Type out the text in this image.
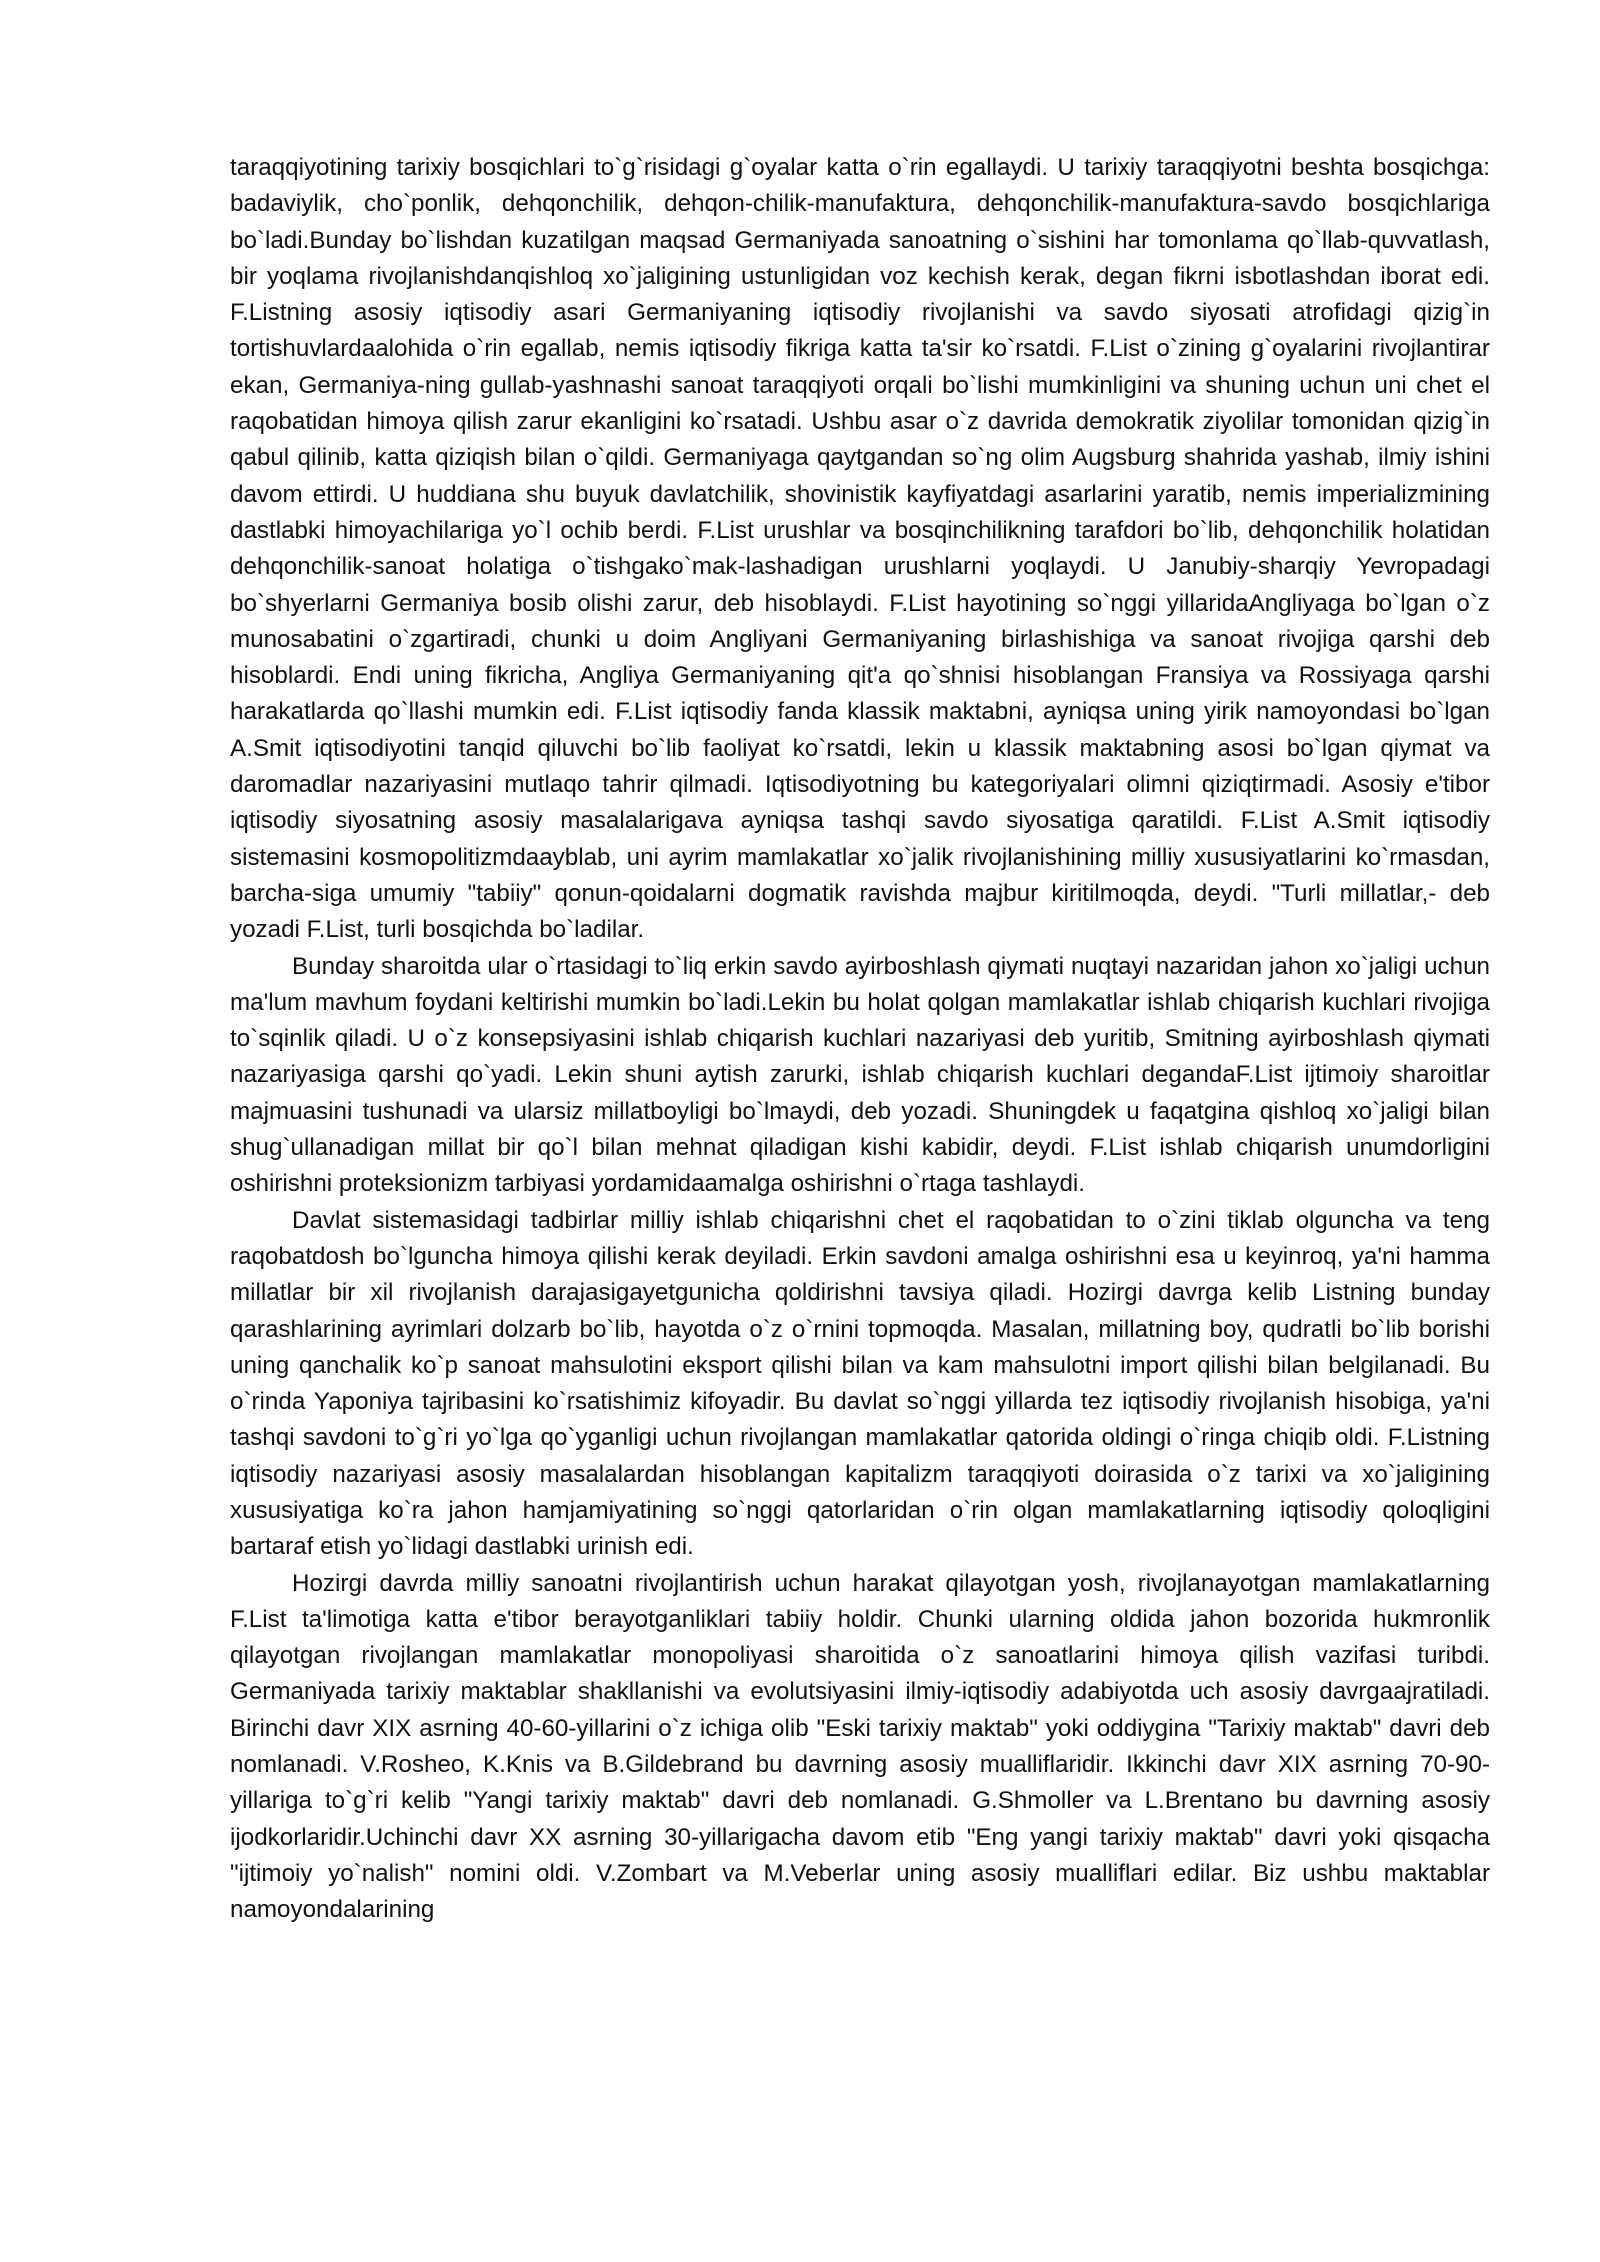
taraqqiyotining tarixiy bosqichlari to`g`risidagi g`oyalar katta o`rin egallaydi. U tarixiy taraqqiyotni beshta bosqichga: badaviylik, cho`ponlik, dehqonchilik, dehqon-chilik-manufaktura, dehqonchilik-manufaktura-savdo bosqichlariga bo`ladi.Bunday bo`lishdan kuzatilgan maqsad Germaniyada sanoatning o`sishini har tomonlama qo`llab-quvvatlash, bir yoqlama rivojlanishdanqishloq xo`jaligining ustunligidan voz kechish kerak, degan fikrni isbotlashdan iborat edi. F.Listning asosiy iqtisodiy asari Germaniyaning iqtisodiy rivojlanishi va savdo siyosati atrofidagi qizig`in tortishuvlardaalohida o`rin egallab, nemis iqtisodiy fikriga katta ta'sir ko`rsatdi. F.List o`zining g`oyalarini rivojlantirar ekan, Germaniya-ning gullab-yashnashi sanoat taraqqiyoti orqali bo`lishi mumkinligini va shuning uchun uni chet el raqobatidan himoya qilish zarur ekanligini ko`rsatadi. Ushbu asar o`z davrida demokratik ziyolilar tomonidan qizig`in qabul qilinib, katta qiziqish bilan o`qildi. Germaniyaga qaytgandan so`ng olim Augsburg shahrida yashab, ilmiy ishini davom ettirdi. U huddiana shu buyuk davlatchilik, shovinistik kayfiyatdagi asarlarini yaratib, nemis imperializmining dastlabki himoyachilariga yo`l ochib berdi. F.List urushlar va bosqinchilikning tarafdori bo`lib, dehqonchilik holatidan dehqonchilik-sanoat holatiga o`tishgako`mak-lashadigan urushlarni yoqlaydi. U Janubiy-sharqiy Yevropadagi bo`shyerlarni Germaniya bosib olishi zarur, deb hisoblaydi. F.List hayotining so`nggi yillaridaAngliyaga bo`lgan o`z munosabatini o`zgartiradi, chunki u doim Angliyani Germaniyaning birlashishiga va sanoat rivojiga qarshi deb hisoblardi. Endi uning fikricha, Angliya Germaniyaning qit'a qo`shnisi hisoblangan Fransiya va Rossiyaga qarshi harakatlarda qo`llashi mumkin edi. F.List iqtisodiy fanda klassik maktabni, ayniqsa uning yirik namoyondasi bo`lgan A.Smit iqtisodiyotini tanqid qiluvchi bo`lib faoliyat ko`rsatdi, lekin u klassik maktabning asosi bo`lgan qiymat va daromadlar nazariyasini mutlaqo tahrir qilmadi. Iqtisodiyotning bu kategoriyalari olimni qiziqtirmadi. Asosiy e'tibor iqtisodiy siyosatning asosiy masalalarigava ayniqsa tashqi savdo siyosatiga qaratildi. F.List A.Smit iqtisodiy sistemasini kosmopolitizmdaayblab, uni ayrim mamlakatlar xo`jalik rivojlanishining milliy xususiyatlarini ko`rmasdan, barcha-siga umumiy "tabiiy" qonun-qoidalarni dogmatik ravishda majbur kiritilmoqda, deydi. "Turli millatlar,- deb yozadi F.List, turli bosqichda bo`ladilar.

Bunday sharoitda ular o`rtasidagi to`liq erkin savdo ayirboshlash qiymati nuqtayi nazaridan jahon xo`jaligi uchun ma'lum mavhum foydani keltirishi mumkin bo`ladi.Lekin bu holat qolgan mamlakatlar ishlab chiqarish kuchlari rivojiga to`sqinlik qiladi. U o`z konsepsiyasini ishlab chiqarish kuchlari nazariyasi deb yuritib, Smitning ayirboshlash qiymati nazariyasiga qarshi qo`yadi. Lekin shuni aytish zarurki, ishlab chiqarish kuchlari degandaF.List ijtimoiy sharoitlar majmuasini tushunadi va ularsiz millatboyligi bo`lmaydi, deb yozadi. Shuningdek u faqatgina qishloq xo`jaligi bilan shug`ullanadigan millat bir qo`l bilan mehnat qiladigan kishi kabidir, deydi. F.List ishlab chiqarish unumdorligini oshirishni proteksionizm tarbiyasi yordamidaamalga oshirishni o`rtaga tashlaydi.

Davlat sistemasidagi tadbirlar milliy ishlab chiqarishni chet el raqobatidan to o`zini tiklab olguncha va teng raqobatdosh bo`lguncha himoya qilishi kerak deyiladi. Erkin savdoni amalga oshirishni esa u keyinroq, ya'ni hamma millatlar bir xil rivojlanish darajasigayetgunicha qoldirishni tavsiya qiladi. Hozirgi davrga kelib Listning bunday qarashlarining ayrimlari dolzarb bo`lib, hayotda o`z o`rnini topmoqda. Masalan, millatning boy, qudratli bo`lib borishi uning qanchalik ko`p sanoat mahsulotini eksport qilishi bilan va kam mahsulotni import qilishi bilan belgilanadi. Bu o`rinda Yaponiya tajribasini ko`rsatishimiz kifoyadir. Bu davlat so`nggi yillarda tez iqtisodiy rivojlanish hisobiga, ya'ni tashqi savdoni to`g`ri yo`lga qo`yganligi uchun rivojlangan mamlakatlar qatorida oldingi o`ringa chiqib oldi. F.Listning iqtisodiy nazariyasi asosiy masalalardan hisoblangan kapitalizm taraqqiyoti doirasida o`z tarixi va xo`jaligining xususiyatiga ko`ra jahon hamjamiyatining so`nggi qatorlaridan o`rin olgan mamlakatlarning iqtisodiy qoloqligini bartaraf etish yo`lidagi dastlabki urinish edi.

Hozirgi davrda milliy sanoatni rivojlantirish uchun harakat qilayotgan yosh, rivojlanayotgan mamlakatlarning F.List ta'limotiga katta e'tibor berayotganliklari tabiiy holdir. Chunki ularning oldida jahon bozorida hukmronlik qilayotgan rivojlangan mamlakatlar monopoliyasi sharoitida o`z sanoatlarini himoya qilish vazifasi turibdi. Germaniyada tarixiy maktablar shakllanishi va evolutsiyasini ilmiy-iqtisodiy adabiyotda uch asosiy davrgaajratiladi. Birinchi davr XIX asrning 40-60-yillarini o`z ichiga olib "Eski tarixiy maktab" yoki oddiygina "Tarixiy maktab" davri deb nomlanadi. V.Rosheo, K.Knis va B.Gildebrand bu davrning asosiy mualliflaridir. Ikkinchi davr XIX asrning 70-90-yillariga to`g`ri kelib "Yangi tarixiy maktab" davri deb nomlanadi. G.Shmoller va L.Brentano bu davrning asosiy ijodkorlaridir.Uchinchi davr XX asrning 30-yillarigacha davom etib "Eng yangi tarixiy maktab" davri yoki qisqacha "ijtimoiy yo`nalish" nomini oldi. V.Zombart va M.Veberlar uning asosiy mualliflari edilar. Biz ushbu maktablar namoyondalarining
